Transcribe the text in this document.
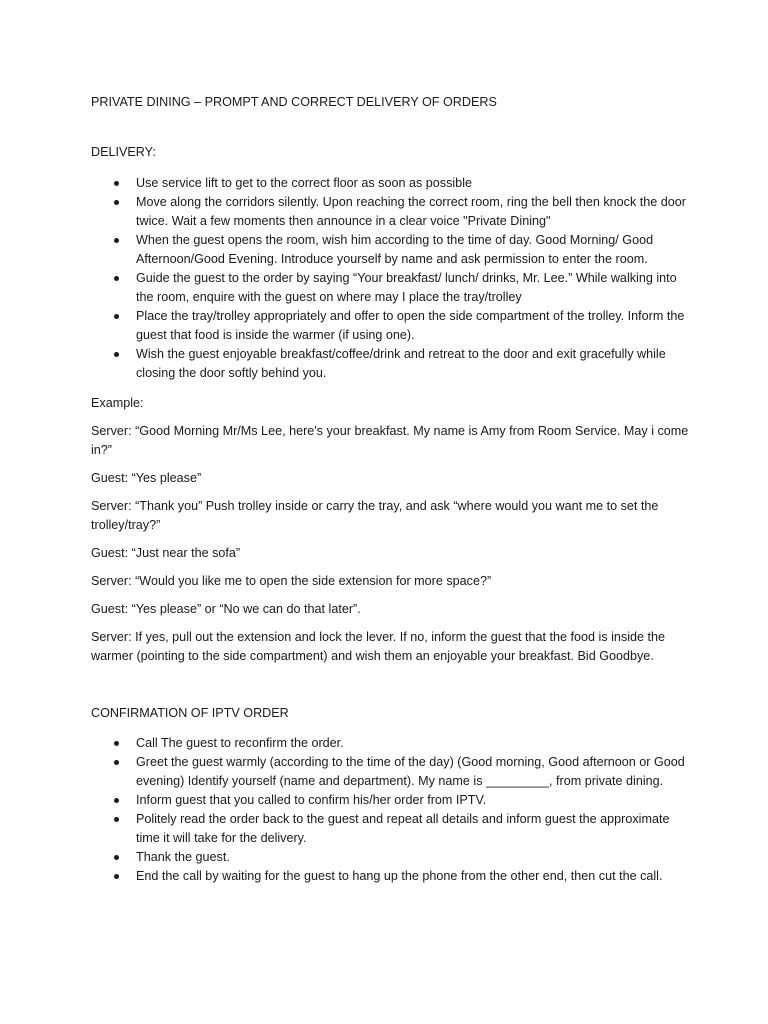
PRIVATE DINING – PROMPT AND CORRECT DELIVERY OF ORDERS
DELIVERY:
Use service lift to get to the correct floor as soon as possible
Move along the corridors silently. Upon reaching the correct room, ring the bell then knock the door twice. Wait a few moments then announce in a clear voice "Private Dining"
When the guest opens the room, wish him according to the time of day. Good Morning/ Good Afternoon/Good Evening. Introduce yourself by name and ask permission to enter the room.
Guide the guest to the order by saying “Your breakfast/ lunch/ drinks, Mr. Lee.” While walking into the room, enquire with the guest on where may I place the tray/trolley
Place the tray/trolley appropriately and offer to open the side compartment of the trolley. Inform the guest that food is inside the warmer (if using one).
Wish the guest enjoyable breakfast/coffee/drink and retreat to the door and exit gracefully while closing the door softly behind you.

Example:

Server: “Good Morning Mr/Ms Lee, here's your breakfast. My name is Amy from Room Service. May i come in?”

Guest: “Yes please”

Server: “Thank you” Push trolley inside or carry the tray, and ask “where would you want me to set the trolley/tray?”

Guest: “Just near the sofa”

Server: “Would you like me to open the side extension for more space?”

Guest: “Yes please” or “No we can do that later”.

Server: If yes, pull out the extension and lock the lever. If no, inform the guest that the food is inside the warmer (pointing to the side compartment) and wish them an enjoyable your breakfast. Bid Goodbye.

CONFIRMATION OF IPTV ORDER
Call The guest to reconfirm the order.
Greet the guest warmly (according to the time of the day) (Good morning, Good afternoon or Good evening) Identify yourself (name and department). My name is _________, from private dining.
Inform guest that you called to confirm his/her order from IPTV.
Politely read the order back to the guest and repeat all details and inform guest the approximate time it will take for the delivery.
Thank the guest.
End the call by waiting for the guest to hang up the phone from the other end, then cut the call.
